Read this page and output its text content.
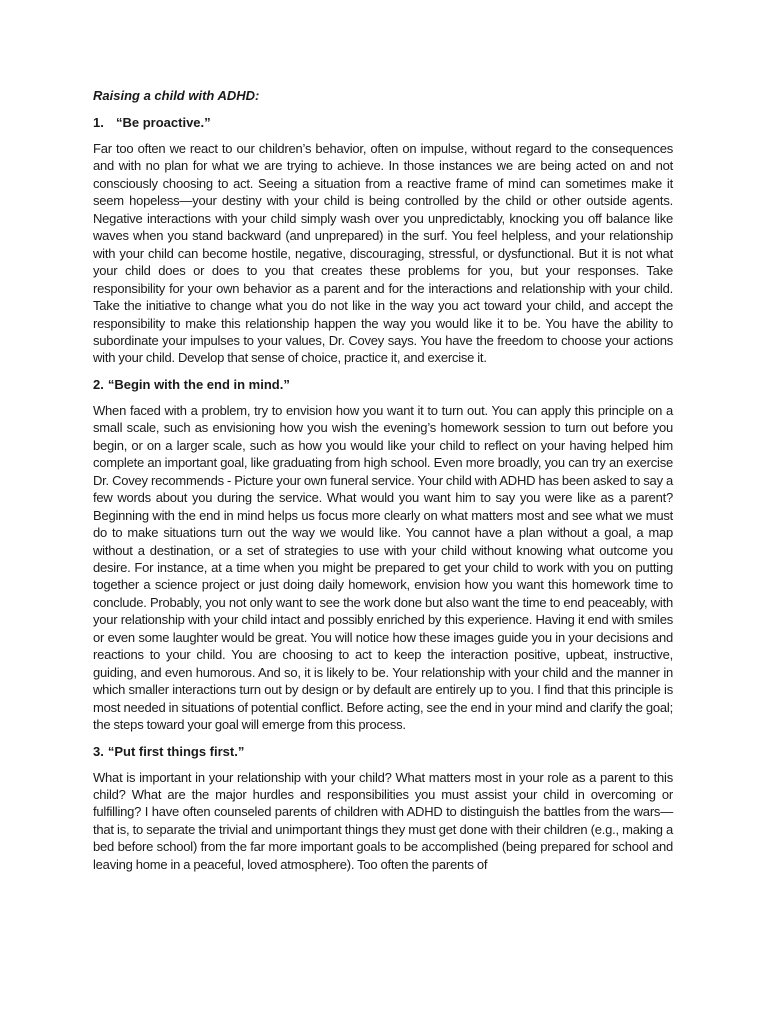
Raising a child with ADHD:
1. “Be proactive.”

Far too often we react to our children’s behavior, often on impulse, without regard to the consequences and with no plan for what we are trying to achieve. In those instances we are being acted on and not consciously choosing to act. Seeing a situation from a reactive frame of mind can sometimes make it seem hopeless—your destiny with your child is being controlled by the child or other outside agents. Negative interactions with your child simply wash over you unpredictably, knocking you off balance like waves when you stand backward (and unprepared) in the surf. You feel helpless, and your relationship with your child can become hostile, negative, discouraging, stressful, or dysfunctional. But it is not what your child does or does to you that creates these problems for you, but your responses. Take responsibility for your own behavior as a parent and for the interactions and relationship with your child. Take the initiative to change what you do not like in the way you act toward your child, and accept the responsibility to make this relationship happen the way you would like it to be. You have the ability to subordinate your impulses to your values, Dr. Covey says. You have the freedom to choose your actions with your child. Develop that sense of choice, practice it, and exercise it.

2. “Begin with the end in mind.”

When faced with a problem, try to envision how you want it to turn out. You can apply this principle on a small scale, such as envisioning how you wish the evening’s homework session to turn out before you begin, or on a larger scale, such as how you would like your child to reflect on your having helped him complete an important goal, like graduating from high school. Even more broadly, you can try an exercise Dr. Covey recommends - Picture your own funeral service. Your child with ADHD has been asked to say a few words about you during the service. What would you want him to say you were like as a parent? Beginning with the end in mind helps us focus more clearly on what matters most and see what we must do to make situations turn out the way we would like. You cannot have a plan without a goal, a map without a destination, or a set of strategies to use with your child without knowing what outcome you desire. For instance, at a time when you might be prepared to get your child to work with you on putting together a science project or just doing daily homework, envision how you want this homework time to conclude. Probably, you not only want to see the work done but also want the time to end peaceably, with your relationship with your child intact and possibly enriched by this experience. Having it end with smiles or even some laughter would be great. You will notice how these images guide you in your decisions and reactions to your child. You are choosing to act to keep the interaction positive, upbeat, instructive, guiding, and even humorous. And so, it is likely to be. Your relationship with your child and the manner in which smaller interactions turn out by design or by default are entirely up to you. I find that this principle is most needed in situations of potential conflict. Before acting, see the end in your mind and clarify the goal; the steps toward your goal will emerge from this process.

3. “Put first things first.”

What is important in your relationship with your child? What matters most in your role as a parent to this child? What are the major hurdles and responsibilities you must assist your child in overcoming or fulfilling? I have often counseled parents of children with ADHD to distinguish the battles from the wars—that is, to separate the trivial and unimportant things they must get done with their children (e.g., making a bed before school) from the far more important goals to be accomplished (being prepared for school and leaving home in a peaceful, loved atmosphere). Too often the parents of
